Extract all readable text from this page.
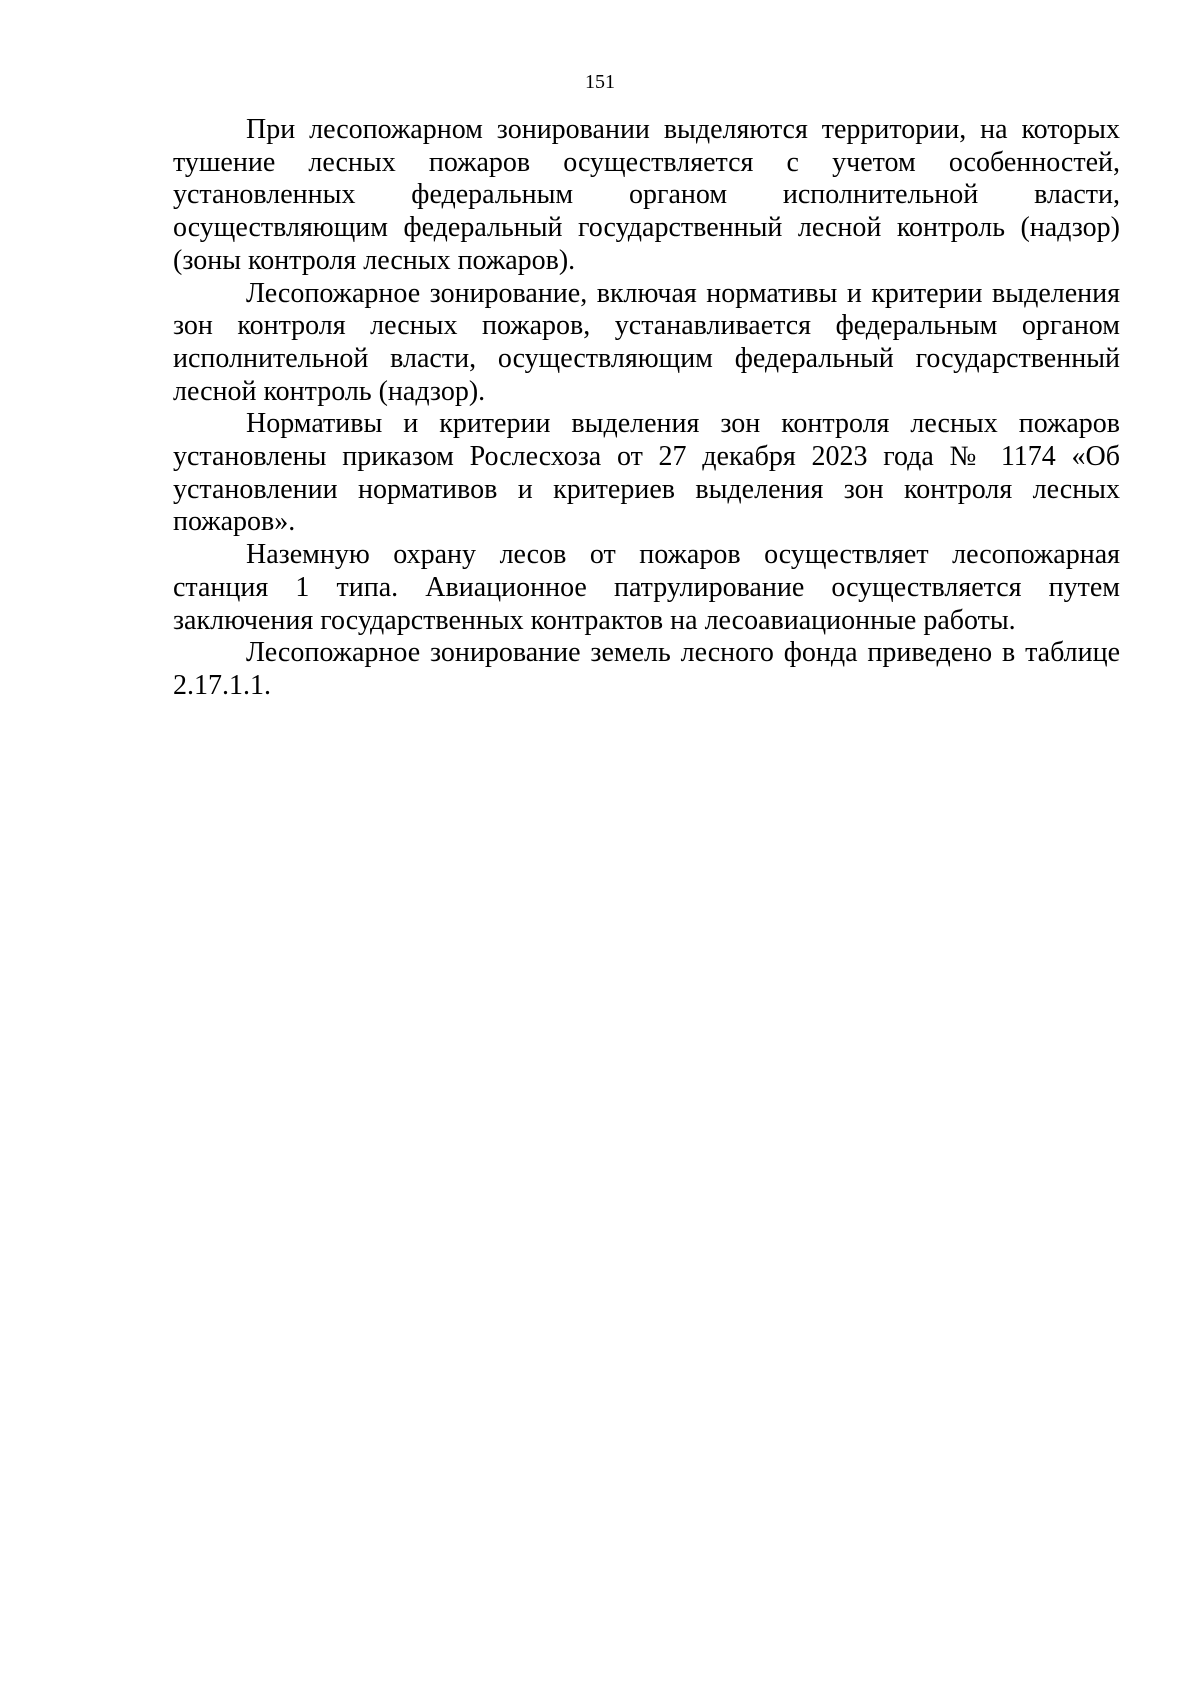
151

При лесопожарном зонировании выделяются территории, на которых тушение лесных пожаров осуществляется с учетом особенностей, установленных федеральным органом исполнительной власти, осуществляющим федеральный государственный лесной контроль (надзор) (зоны контроля лесных пожаров).

Лесопожарное зонирование, включая нормативы и критерии выделения зон контроля лесных пожаров, устанавливается федеральным органом исполнительной власти, осуществляющим федеральный государственный лесной контроль (надзор).

Нормативы и критерии выделения зон контроля лесных пожаров установлены приказом Рослесхоза от 27 декабря 2023 года № 1174 «Об установлении нормативов и критериев выделения зон контроля лесных пожаров».

Наземную охрану лесов от пожаров осуществляет лесопожарная станция 1 типа. Авиационное патрулирование осуществляется путем заключения государственных контрактов на лесоавиационные работы.

Лесопожарное зонирование земель лесного фонда приведено в таблице 2.17.1.1.
